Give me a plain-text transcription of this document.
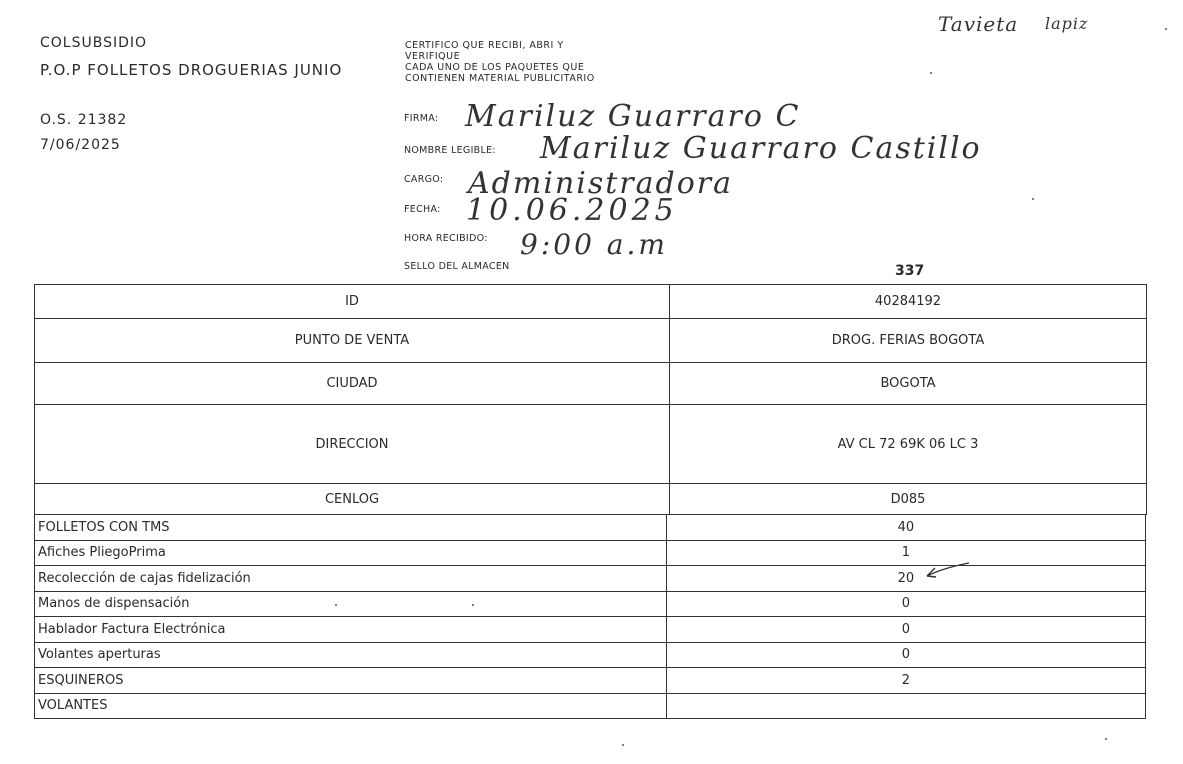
COLSUBSIDIO
P.O.P FOLLETOS DROGUERIAS JUNIO
O.S. 21382
7/06/2025
CERTIFICO QUE RECIBI, ABRI Y
VERIFIQUE
CADA UNO DE LOS PAQUETES QUE
CONTIENEN MATERIAL PUBLICITARIO
FIRMA: Mariluz Guarraro C
NOMBRE LEGIBLE: Mariluz Guarraro Castillo
CARGO: Administradora
FECHA: 10.06.2025
HORA RECIBIDO: 9:00 a.m
SELLO DEL ALMACEN
Tavieta lapiz
337
ID	40284192
PUNTO DE VENTA	DROG. FERIAS BOGOTA
CIUDAD	BOGOTA
DIRECCION	AV CL 72 69K 06 LC 3
CENLOG	D085
FOLLETOS CON TMS	40
Afiches PliegoPrima	1
Recolección de cajas fidelización	20

Manos de dispensación	0
Hablador Factura Electrónica	0
Volantes aperturas	0
ESQUINEROS	2
VOLANTES	
